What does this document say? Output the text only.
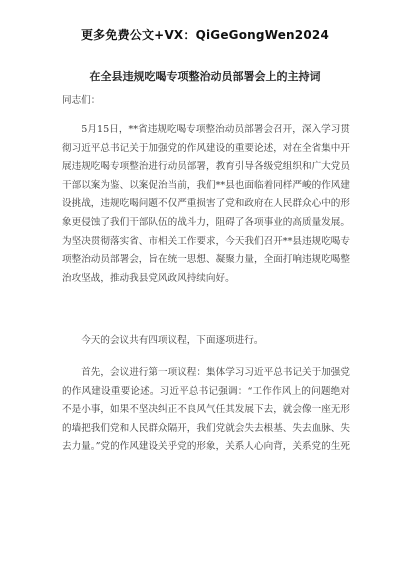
更多免费公文+VX：QiGeGongWen2024
在全县违规吃喝专项整治动员部署会上的主持词
同志们：
5月15日，**省违规吃喝专项整治动员部署会召开，深入学习贯彻习近平总书记关于加强党的作风建设的重要论述，对在全省集中开展违规吃喝专项整治进行动员部署，教育引导各级党组织和广大党员干部以案为鉴、以案促治当前，我们**县也面临着同样严峻的作风建设挑战，违规吃喝问题不仅严重损害了党和政府在人民群众心中的形象更侵蚀了我们干部队伍的战斗力，阻碍了各项事业的高质量发展。为坚决贯彻落实省、市相关工作要求，今天我们召开**县违规吃喝专项整治动员部署会，旨在统一思想、凝聚力量，全面打响违规吃喝整治攻坚战，推动我县党风政风持续向好。
今天的会议共有四项议程，下面逐项进行。
首先，会议进行第一项议程：集体学习习近平总书记关于加强党的作风建设重要论述。习近平总书记强调：“工作作风上的问题绝对不是小事，如果不坚决纠正不良风气任其发展下去，就会像一座无形的墙把我们党和人民群众隔开，我们党就会失去根基、失去血脉、失去力量。”党的作风建设关乎党的形象，关系人心向背，关系党的生死
